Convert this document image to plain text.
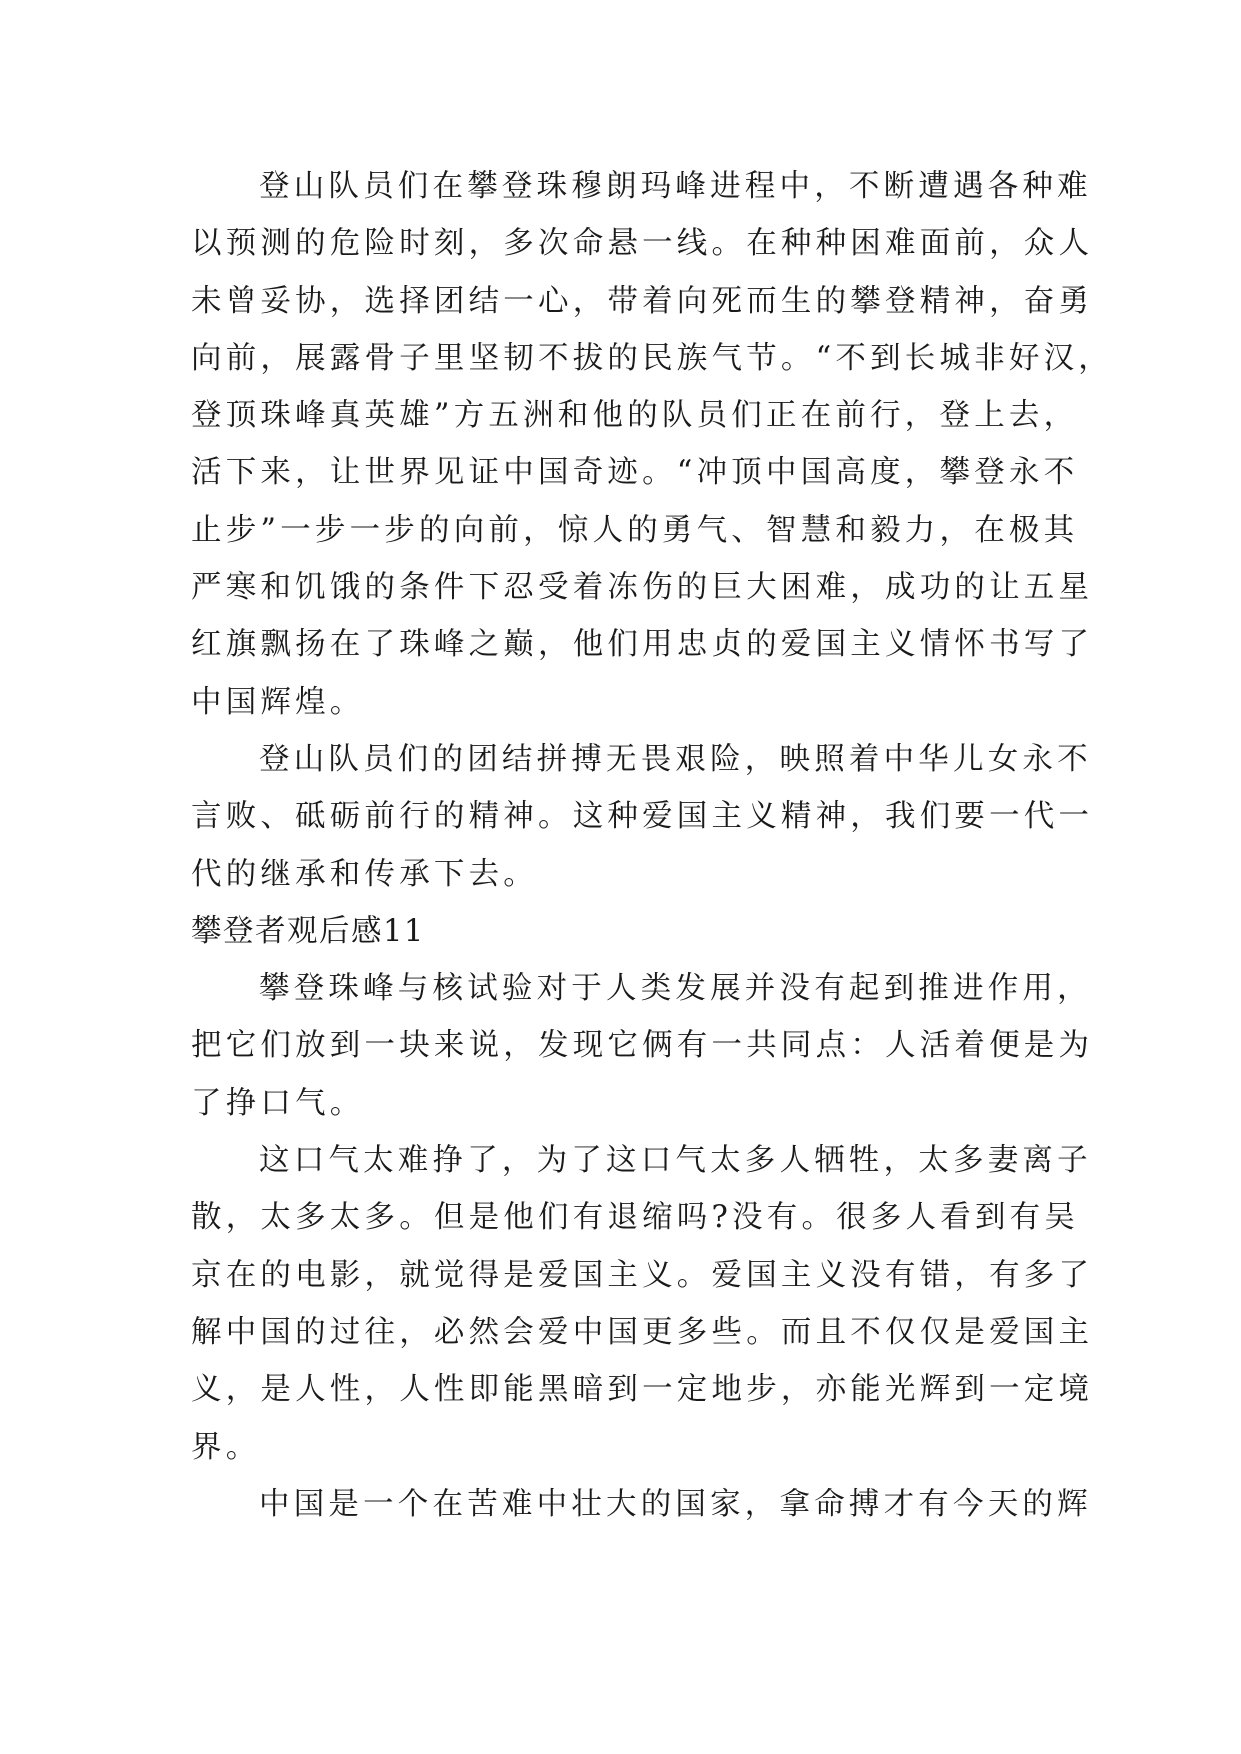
登山队员们在攀登珠穆朗玛峰进程中，不断遭遇各种难
以预测的危险时刻，多次命悬一线。在种种困难面前，众人
未曾妥协，选择团结一心，带着向死而生的攀登精神，奋勇
向前，展露骨子里坚韧不拔的民族气节。“不到长城非好汉，
登顶珠峰真英雄”方五洲和他的队员们正在前行，登上去，
活下来，让世界见证中国奇迹。“冲顶中国高度，攀登永不
止步”一步一步的向前，惊人的勇气、智慧和毅力，在极其
严寒和饥饿的条件下忍受着冻伤的巨大困难，成功的让五星
红旗飘扬在了珠峰之巅，他们用忠贞的爱国主义情怀书写了
中国辉煌。
登山队员们的团结拼搏无畏艰险，映照着中华儿女永不
言败、砥砺前行的精神。这种爱国主义精神，我们要一代一
代的继承和传承下去。
攀登者观后感11
攀登珠峰与核试验对于人类发展并没有起到推进作用，
把它们放到一块来说，发现它俩有一共同点：人活着便是为
了挣口气。
这口气太难挣了，为了这口气太多人牺牲，太多妻离子
散，太多太多。但是他们有退缩吗?没有。很多人看到有吴
京在的电影，就觉得是爱国主义。爱国主义没有错，有多了
解中国的过往，必然会爱中国更多些。而且不仅仅是爱国主
义，是人性，人性即能黑暗到一定地步，亦能光辉到一定境
界。
中国是一个在苦难中壮大的国家，拿命搏才有今天的辉
